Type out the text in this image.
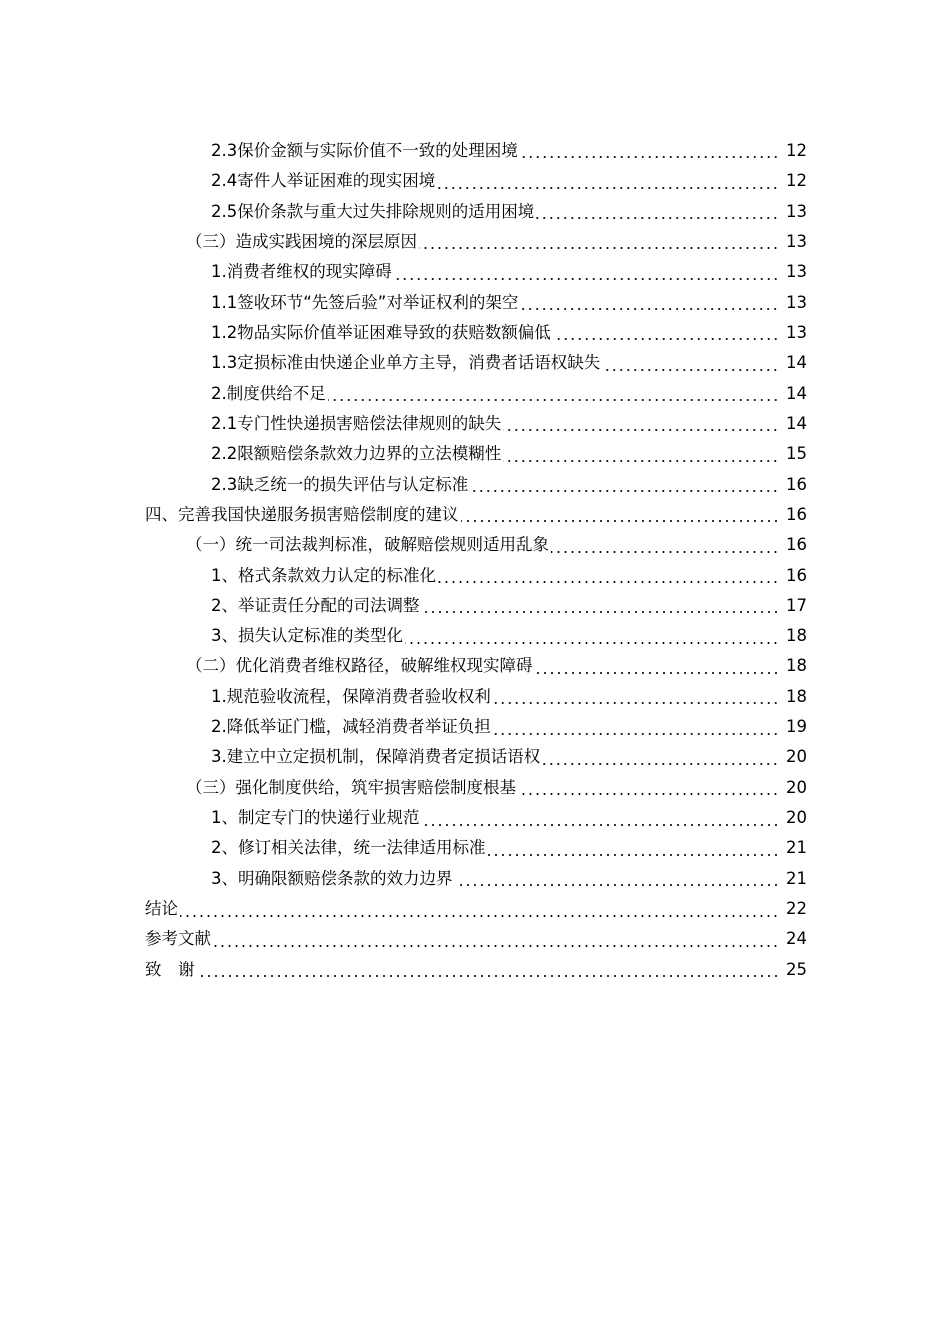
2.3保价金额与实际价值不一致的处理困境	12
2.4寄件人举证困难的现实困境	12
2.5保价条款与重大过失排除规则的适用困境	13
（三）造成实践困境的深层原因	13
1.消费者维权的现实障碍	13
1.1签收环节“先签后验”对举证权利的架空	13
1.2物品实际价值举证困难导致的获赔数额偏低	13
1.3定损标准由快递企业单方主导，消费者话语权缺失	14
2.制度供给不足	14
2.1专门性快递损害赔偿法律规则的缺失	14
2.2限额赔偿条款效力边界的立法模糊性	15
2.3缺乏统一的损失评估与认定标准	16
四、完善我国快递服务损害赔偿制度的建议	16
（一）统一司法裁判标准，破解赔偿规则适用乱象	16
1、格式条款效力认定的标准化	16
2、举证责任分配的司法调整	17
3、损失认定标准的类型化	18
（二）优化消费者维权路径，破解维权现实障碍	18
1.规范验收流程，保障消费者验收权利	18
2.降低举证门槛，减轻消费者举证负担	19
3.建立中立定损机制，保障消费者定损话语权	20
（三）强化制度供给，筑牢损害赔偿制度根基	20
1、制定专门的快递行业规范	20
2、修订相关法律，统一法律适用标准	21
3、明确限额赔偿条款的效力边界	21
结论	22
参考文献	24
致　谢	25
